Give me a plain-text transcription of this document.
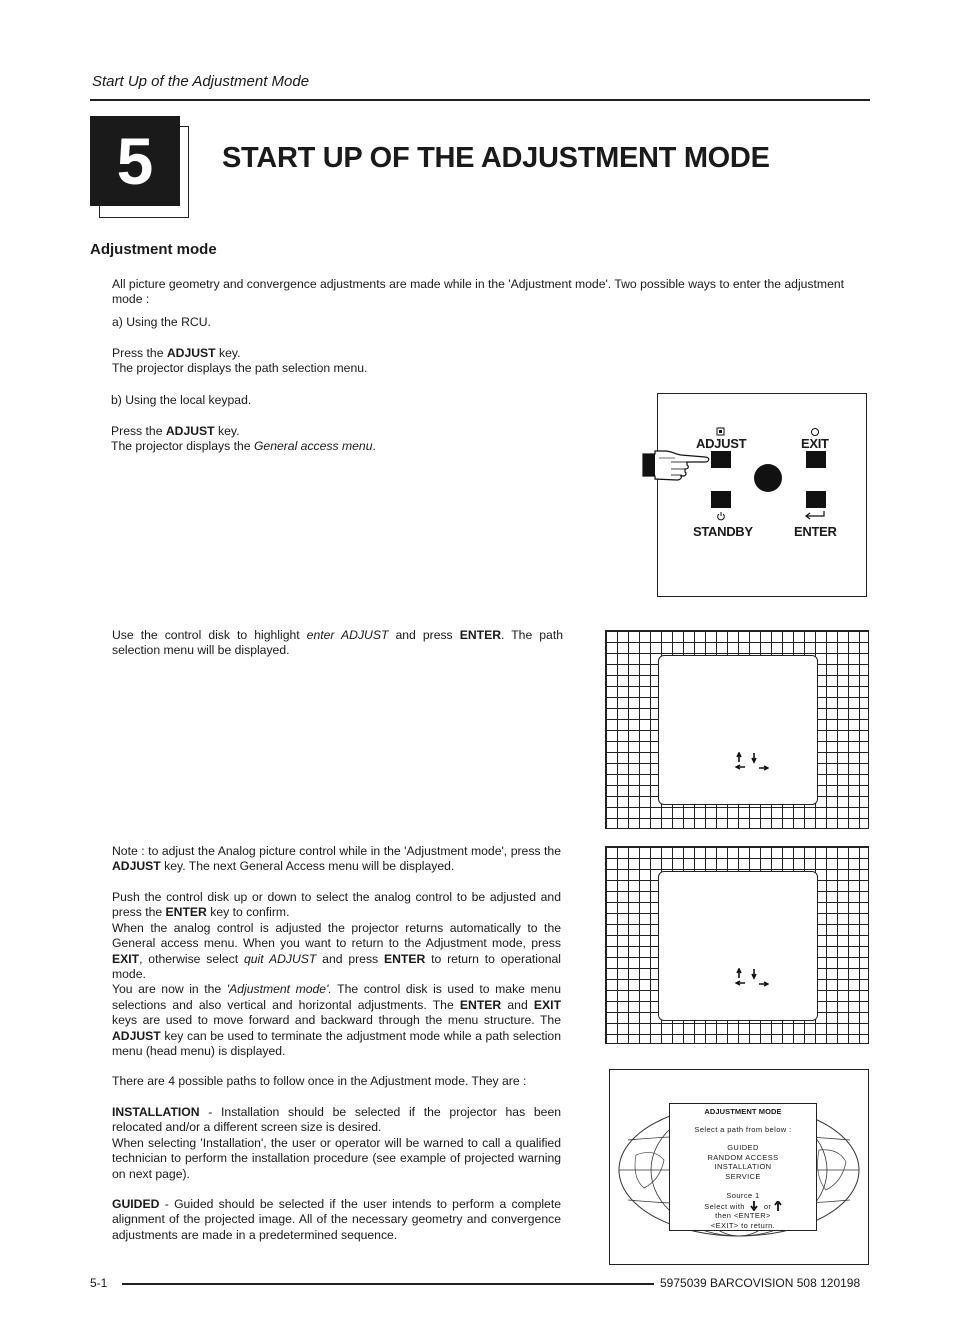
Start Up of the Adjustment Mode
5	START UP OF THE ADJUSTMENT MODE
Adjustment mode
All picture geometry and convergence adjustments are made while in the 'Adjustment mode'. Two possible ways to enter the adjustment mode :
a) Using the RCU.
Press the ADJUST key.
The projector displays the path selection menu.
b) Using the local keypad.
Press the ADJUST key.
The projector displays the General access menu.	ADJUST	EXIT
STANDBY	ENTER
Use the control disk to highlight enter ADJUST and press ENTER. The path selection menu will be displayed.
Note : to adjust the Analog picture control while in the 'Adjustment mode', press the ADJUST key. The next General Access menu will be displayed.
Push the control disk up or down to select the analog control to be adjusted and press the ENTER key to confirm.
When the analog control is adjusted the projector returns automatically to the General access menu. When you want to return to the Adjustment mode, press EXIT, otherwise select quit ADJUST and press ENTER to return to operational mode.
You are now in the 'Adjustment mode'. The control disk is used to make menu selections and also vertical and horizontal adjustments. The ENTER and EXIT keys are used to move forward and backward through the menu structure. The ADJUST key can be used to terminate the adjustment mode while a path selection menu (head menu) is displayed.
There are 4 possible paths to follow once in the Adjustment mode. They are :
INSTALLATION - Installation should be selected if the projector has been relocated and/or a different screen size is desired.
When selecting 'Installation', the user or operator will be warned to call a qualified technician to perform the installation procedure (see example of projected warning on next page).
GUIDED - Guided should be selected if the user intends to perform a complete alignment of the projected image. All of the necessary geometry and convergence adjustments are made in a predetermined sequence.
ADJUSTMENT MODE
Select a path from below :
GUIDED
RANDOM ACCESS
INSTALLATION
SERVICE
Source 1
Select with	or
then <ENTER>
<EXIT> to return.
5-1	5975039 BARCOVISION 508 120198
